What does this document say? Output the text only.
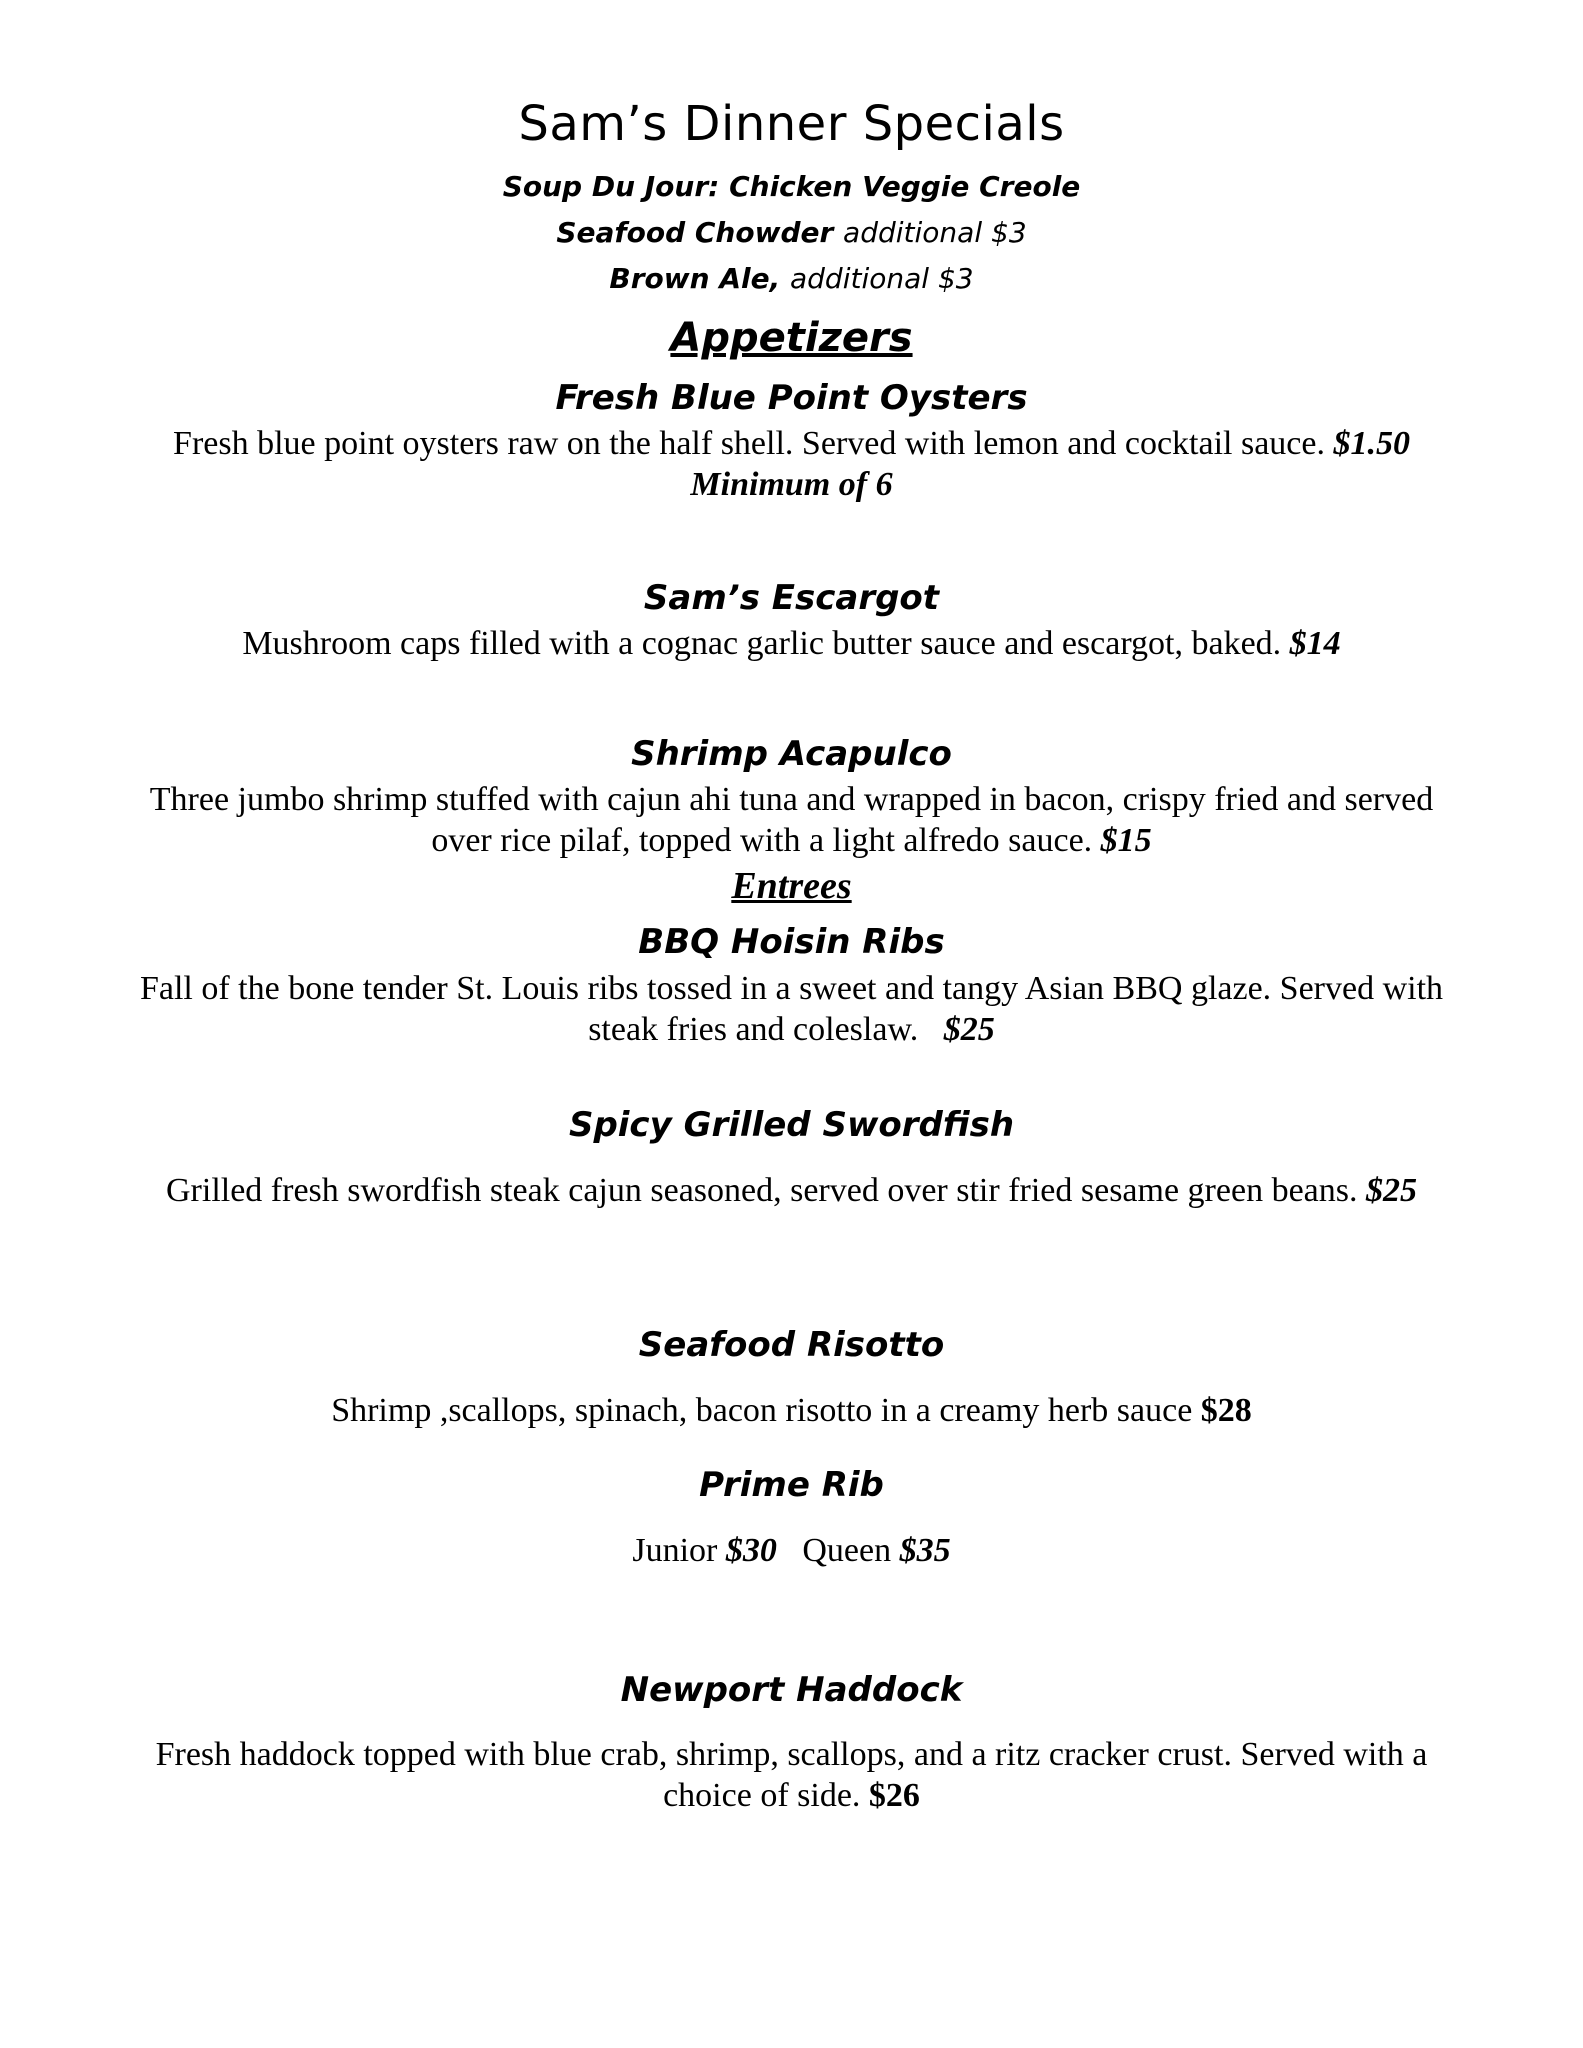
Sam’s Dinner Specials
Soup Du Jour: Chicken Veggie Creole
Seafood Chowder additional $3
Brown Ale, additional $3
Appetizers
Fresh Blue Point Oysters
Fresh blue point oysters raw on the half shell. Served with lemon and cocktail sauce. $1.50
Minimum of 6
Sam’s Escargot
Mushroom caps filled with a cognac garlic butter sauce and escargot, baked. $14
Shrimp Acapulco
Three jumbo shrimp stuffed with cajun ahi tuna and wrapped in bacon, crispy fried and served
over rice pilaf, topped with a light alfredo sauce. $15
Entrees
BBQ Hoisin Ribs
Fall of the bone tender St. Louis ribs tossed in a sweet and tangy Asian BBQ glaze. Served with
steak fries and coleslaw. $25
Spicy Grilled Swordfish
Grilled fresh swordfish steak cajun seasoned, served over stir fried sesame green beans. $25
Seafood Risotto
Shrimp ,scallops, spinach, bacon risotto in a creamy herb sauce $28
Prime Rib
Junior $30 Queen $35
Newport Haddock
Fresh haddock topped with blue crab, shrimp, scallops, and a ritz cracker crust. Served with a
choice of side. $26
